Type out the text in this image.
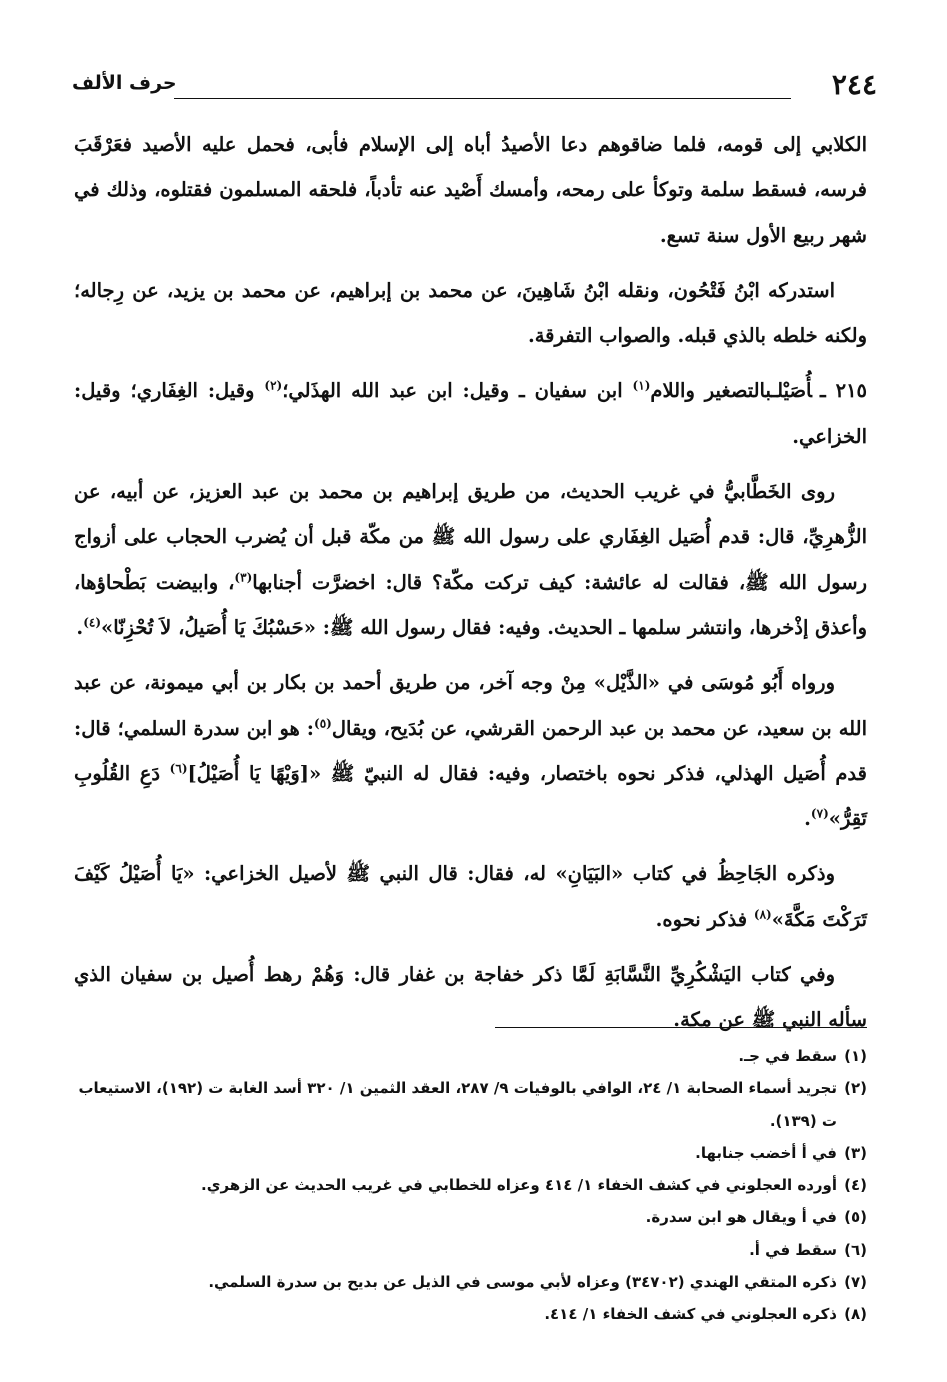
٢٤٤
حرف الألف

الكلابي إلى قومه، فلما ضاقوهم دعا الأصيدُ أباه إلى الإسلام فأبى، فحمل عليه الأصيد فعَرْقَبَ فرسه، فسقط سلمة وتوكأ على رمحه، وأمسك أَصْيد عنه تأدباً، فلحقه المسلمون فقتلوه، وذلك في شهر ربيع الأول سنة تسع.

استدركه ابْنُ فَتْحُون، ونقله ابْنُ شَاهِينَ، عن محمد بن إبراهيم، عن محمد بن يزيد، عن رِجاله؛ ولكنه خلطه بالذي قبله. والصواب التفرقة.

٢١٥ ـأُصَيْلـبالتصغير واللام$^{(١)}$ ابن سفيان ـ وقيل: ابن عبد الله الهذَلي؛$^{(٢)}$ وقيل: الغِفَاري؛ وقيل: الخزاعي.

روى الخَطَّابيُّ في غريب الحديث، من طريق إبراهيم بن محمد بن عبد العزيز، عن أبيه، عن الزُّهرِيِّ، قال: قدم أُصَيل الغِفَاري على رسول الله ﷺ من مكّة قبل أن يُضرب الحجاب على أزواج رسول الله ﷺ، فقالت له عائشة: كيف تركت مكّة؟ قال: اخضرَّت أجنابها$^{(٣)}$، وابيضت بَطْحاؤها، وأعذق إذْخرها، وانتشر سلمها ـ الحديث. وفيه: فقال رسول الله ﷺ: «حَسْبُكَ يَا أُصَيلُ، لاَ تُحْزِنّا»$^{(٤)}$.

ورواه أَبُو مُوسَى في «الذَّيْل» مِنْ وجه آخر، من طريق أحمد بن بكار بن أبي ميمونة، عن عبد الله بن سعيد، عن محمد بن عبد الرحمن القرشي، عن بُدَيح، ويقال$^{(٥)}$: هو ابن سدرة السلمي؛ قال: قدم أُصَيل الهذلي، فذكر نحوه باختصار، وفيه: فقال له النبيّ ﷺ «[وَيْهًا يَا أُصَيْلُ]$^{(٦)}$ دَعِ القُلُوبِ تَقِرُّ»$^{(٧)}$.

وذكره الجَاحِظُ في كتاب «البَيَانِ» له، فقال: قال النبي ﷺ لأصيل الخزاعي: «يَا أُصَيْلُ كَيْفَ تَرَكْتَ مَكَّةَ»$^{(٨)}$ فذكر نحوه.

وفي كتاب اليَشْكُرِيِّ النَّسَّابَةِ لَمَّا ذكر خفاجة بن غفار قال: وَهُمْ رهط أُصيل بن سفيان الذي سأله النبي ﷺ عن مكة.

(١)
سقط في جـ.

(٢)
تجريد أسماء الصحابة ١/ ٢٤، الوافي بالوفيات ٩/ ٢٨٧، العقد الثمين ١/ ٣٢٠ أسد الغابة ت (١٩٢)، الاستيعاب ت (١٣٩).

(٣)
في أ أخضب جنابها.

(٤)
أورده العجلوني في كشف الخفاء ١/ ٤١٤ وعزاه للخطابي في غريب الحديث عن الزهري.

(٥)
في أ ويقال هو ابن سدرة.

(٦)
سقط في أ.

(٧)
ذكره المتقي الهندي (٣٤٧٠٢) وعزاه لأبي موسى في الذيل عن بديح بن سدرة السلمي.

(٨)
ذكره العجلوني في كشف الخفاء ١/ ٤١٤.
